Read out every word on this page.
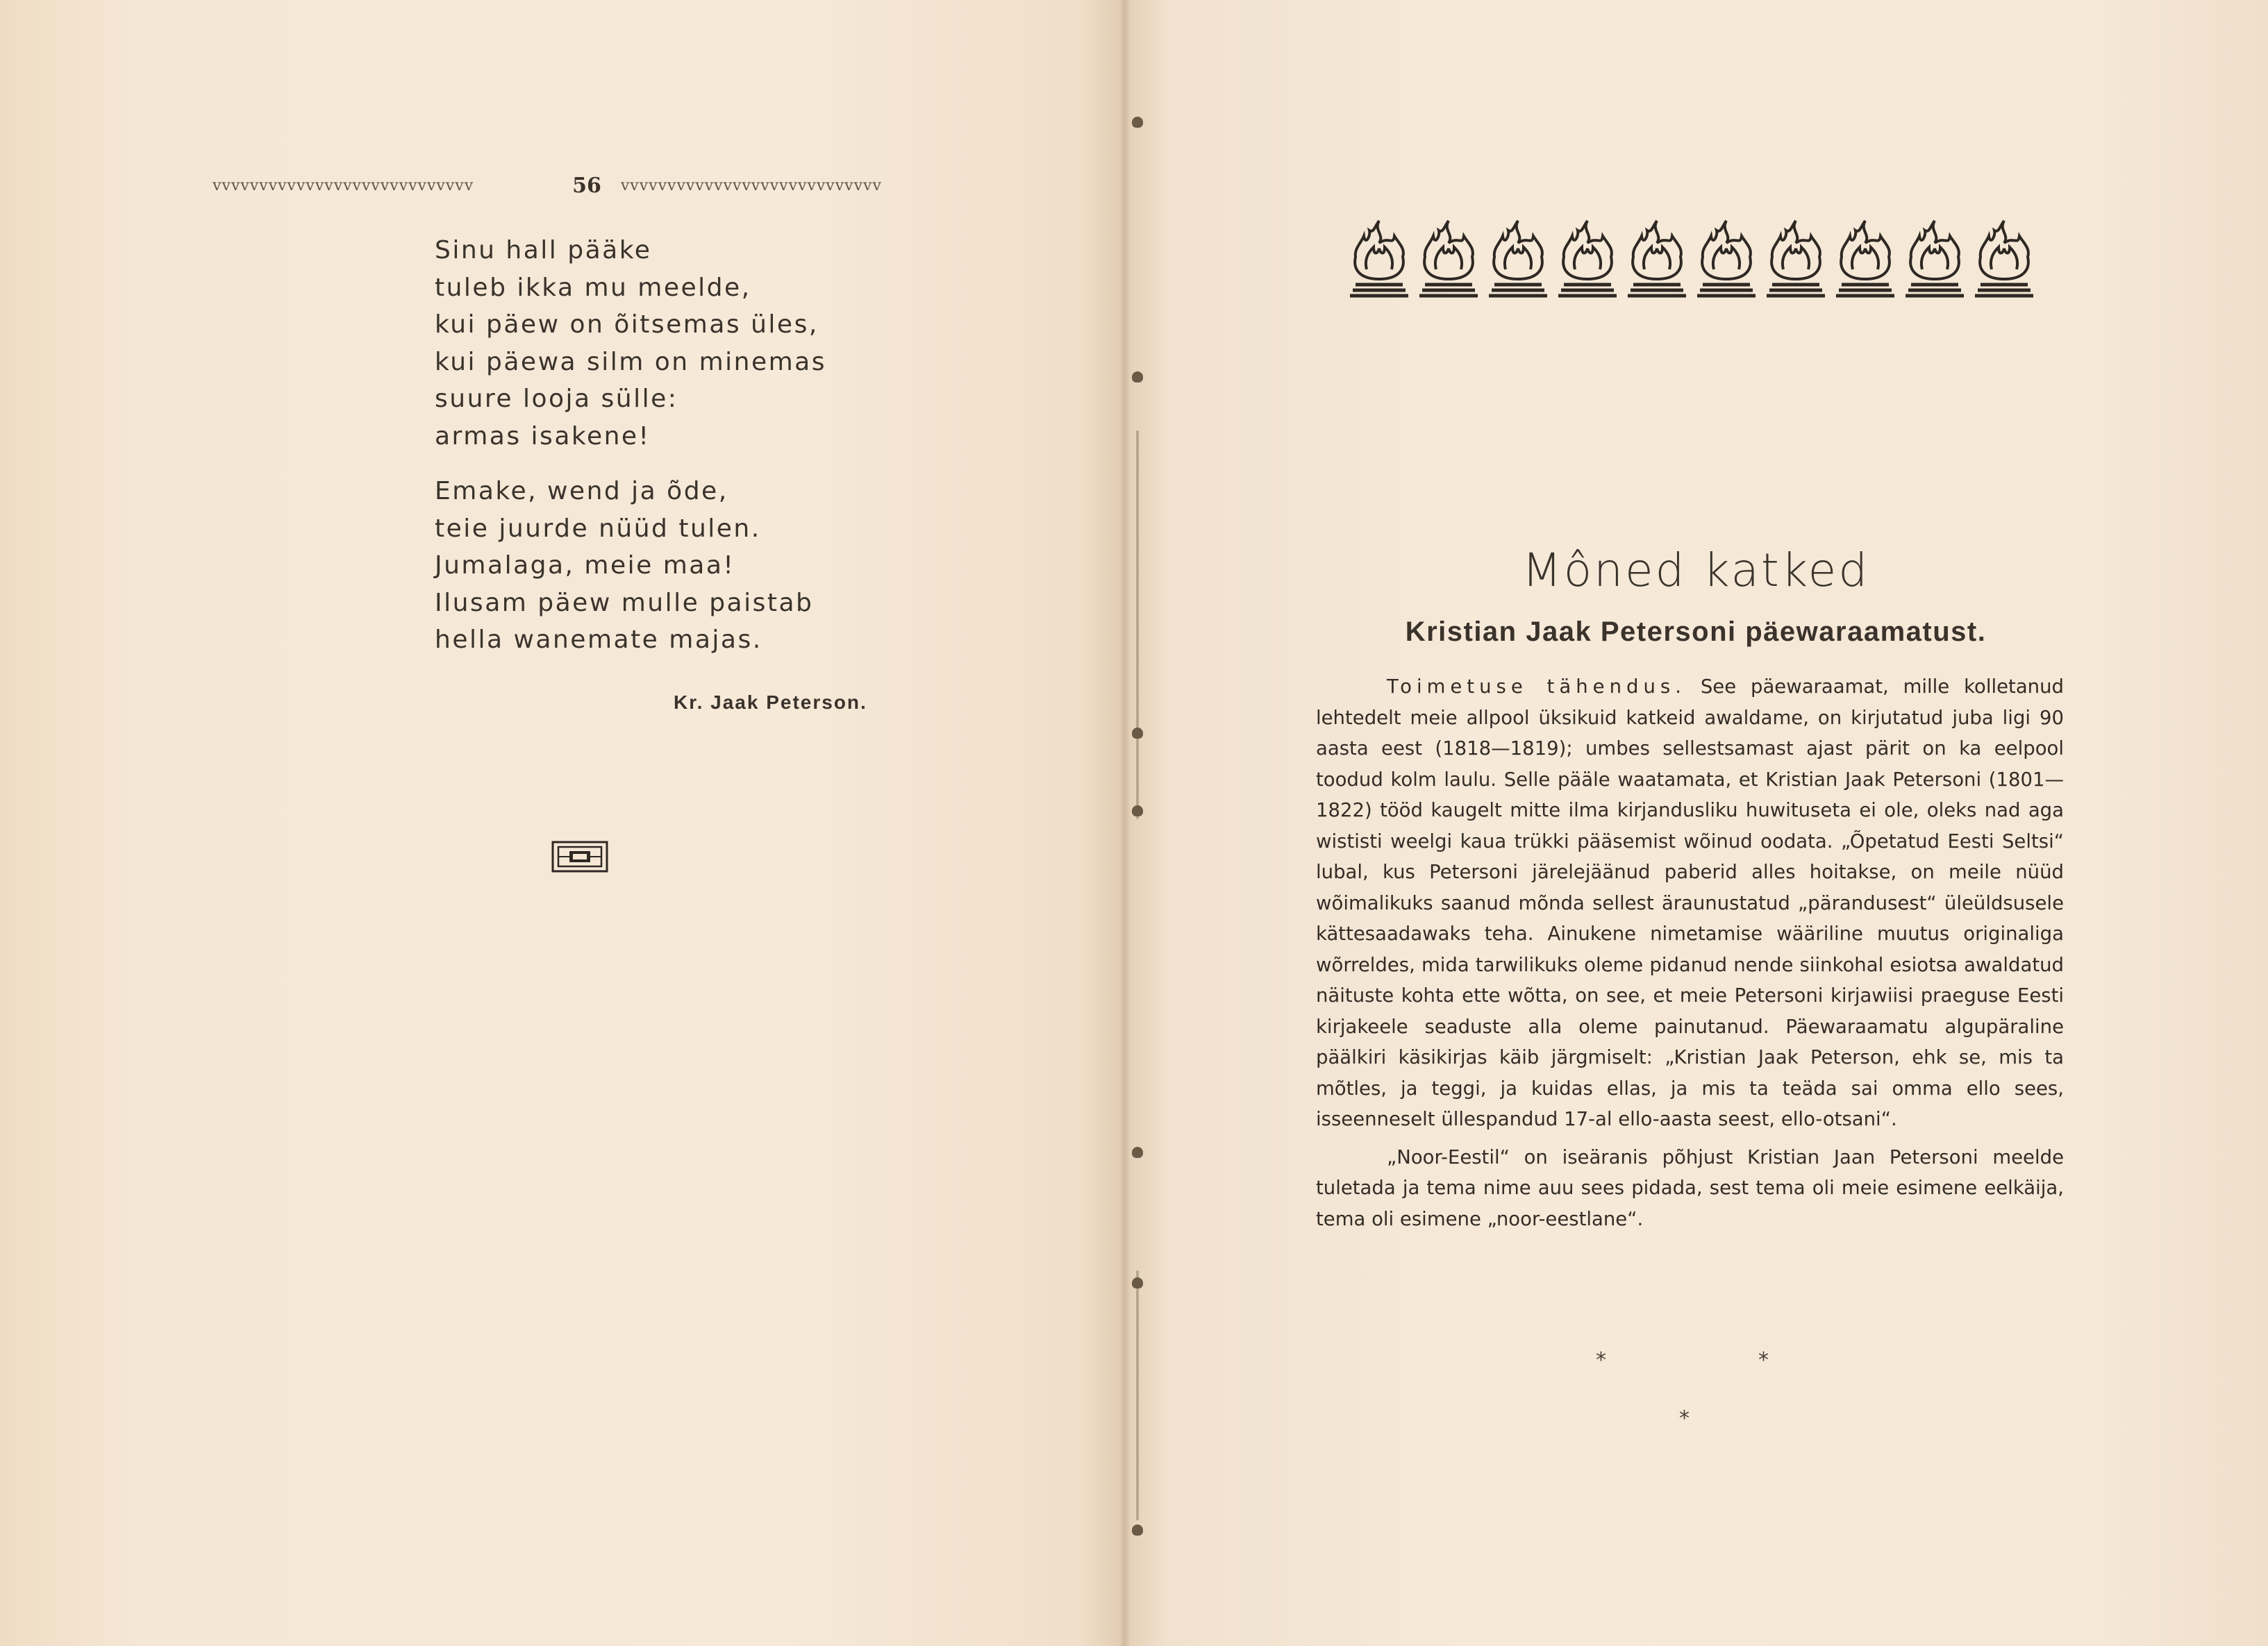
vvvvvvvvvvvvvvvvvvvvvvvvvvvv	56 vvvvvvvvvvvvvvvvvvvvvvvvvvvv
Sinu hall pääke
tuleb ikka mu meelde,
kui päew on õitsemas üles,
kui päewa silm on minemas
suure looja sülle:
armas isakene!
Emake, wend ja õde,
teie juurde nüüd tulen.
Jumalaga, meie maa!
Ilusam päew mulle paistab
hella wanemate majas.
Kr. Jaak Peterson.
Môned katked
Kristian Jaak Petersoni päewaraamatust.

Toimetuse tähendus. See päewaraamat, mille kolletanud lehtedelt meie allpool üksikuid katkeid awaldame, on kirjutatud juba ligi 90 aasta eest (1818—1819); umbes sellestsamast ajast pärit on ka eelpool toodud kolm laulu. Selle pääle waatamata, et Kristian Jaak Petersoni (1801—1822) tööd kaugelt mitte ilma kirjandusliku huwituseta ei ole, oleks nad aga wististi weelgi kaua trükki pääsemist wõinud oodata. „Õpetatud Eesti Seltsi“ lubal, kus Petersoni järelejäänud paberid alles hoitakse, on meile nüüd wõimalikuks saanud mõnda sellest äraunustatud „pärandusest“ üleüldsusele kättesaadawaks teha. Ainukene nimetamise wääriline muutus originaliga wõrreldes, mida tarwilikuks oleme pidanud nende siinkohal esiotsa awaldatud näituste kohta ette wõtta, on see, et meie Petersoni kirjawiisi praeguse Eesti kirjakeele seaduste alla oleme painutanud. Päewaraamatu algupäraline päälkiri käsikirjas käib järgmiselt: „Kristian Jaak Peterson, ehk se, mis ta mõtles, ja teggi, ja kuidas ellas, ja mis ta teäda sai omma ello sees, isseenneselt üllespandud 17-al ello-aasta seest, ello-otsani“.

„Noor-Eestil“ on iseäranis põhjust Kristian Jaan Petersoni meelde tuletada ja tema nime auu sees pidada, sest tema oli meie esimene eelkäija, tema oli esimene „noor-eestlane“.

*	*
*
